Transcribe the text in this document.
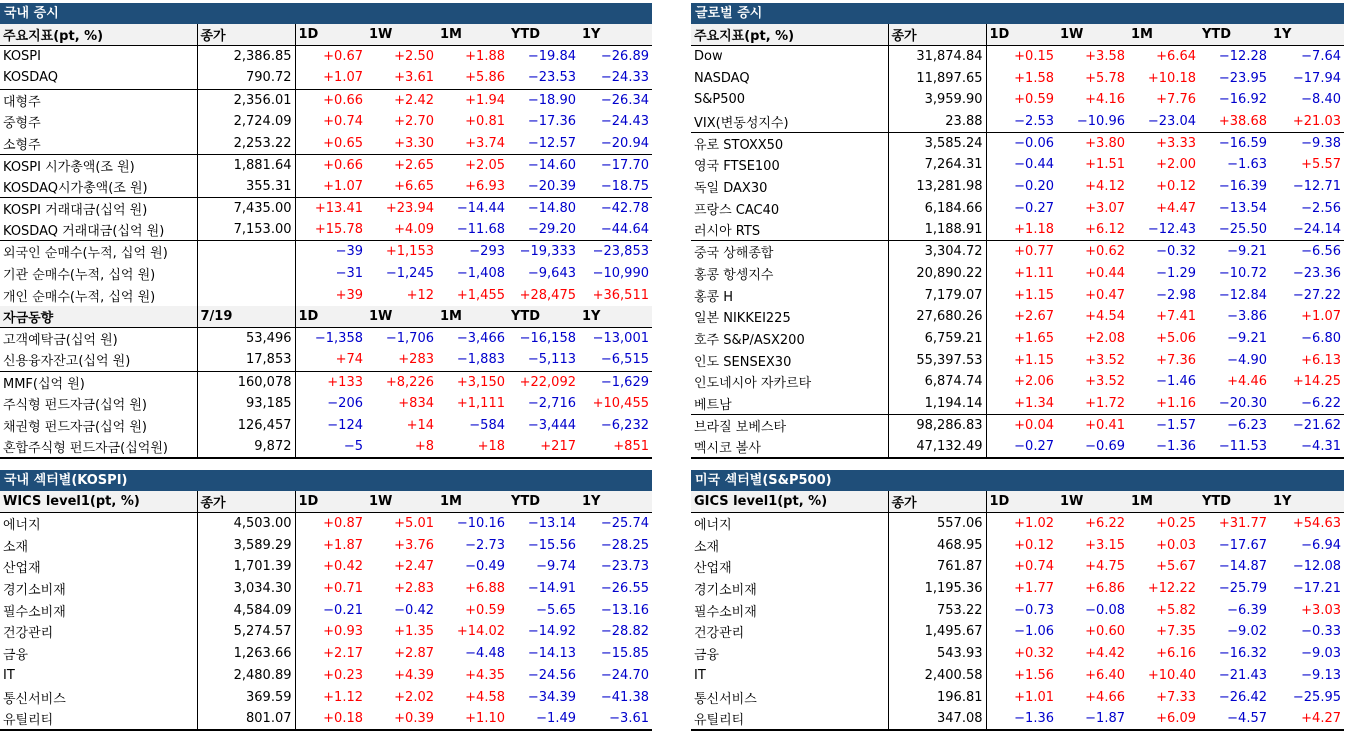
국내 증시
주요지표(pt, %)	종가	1D	1W	1M	YTD	1Y
KOSPI	2,386.85	+0.67	+2.50	+1.88	−19.84	−26.89
KOSDAQ	790.72	+1.07	+3.61	+5.86	−23.53	−24.33
대형주	2,356.01	+0.66	+2.42	+1.94	−18.90	−26.34
중형주	2,724.09	+0.74	+2.70	+0.81	−17.36	−24.43
소형주	2,253.22	+0.65	+3.30	+3.74	−12.57	−20.94
KOSPI 시가총액(조 원)	1,881.64	+0.66	+2.65	+2.05	−14.60	−17.70
KOSDAQ시가총액(조 원)	355.31	+1.07	+6.65	+6.93	−20.39	−18.75
KOSPI 거래대금(십억 원)	7,435.00	+13.41	+23.94	−14.44	−14.80	−42.78
KOSDAQ 거래대금(십억 원)	7,153.00	+15.78	+4.09	−11.68	−29.20	−44.64
외국인 순매수(누적, 십억 원)		−39	+1,153	−293	−19,333	−23,853
기관 순매수(누적, 십억 원)		−31	−1,245	−1,408	−9,643	−10,990
개인 순매수(누적, 십억 원)		+39	+12	+1,455	+28,475	+36,511
자금동향	7/19	1D	1W	1M	YTD	1Y
고객예탁금(십억 원)	53,496	−1,358	−1,706	−3,466	−16,158	−13,001
신용융자잔고(십억 원)	17,853	+74	+283	−1,883	−5,113	−6,515
MMF(십억 원)	160,078	+133	+8,226	+3,150	+22,092	−1,629
주식형 펀드자금(십억 원)	93,185	−206	+834	+1,111	−2,716	+10,455
채권형 펀드자금(십억 원)	126,457	−124	+14	−584	−3,444	−6,232
혼합주식형 펀드자금(십억원)	9,872	−5	+8	+18	+217	+851
글로벌 증시
주요지표(pt, %)	종가	1D	1W	1M	YTD	1Y
Dow	31,874.84	+0.15	+3.58	+6.64	−12.28	−7.64
NASDAQ	11,897.65	+1.58	+5.78	+10.18	−23.95	−17.94
S&P500	3,959.90	+0.59	+4.16	+7.76	−16.92	−8.40
VIX(변동성지수)	23.88	−2.53	−10.96	−23.04	+38.68	+21.03
유로 STOXX50	3,585.24	−0.06	+3.80	+3.33	−16.59	−9.38
영국 FTSE100	7,264.31	−0.44	+1.51	+2.00	−1.63	+5.57
독일 DAX30	13,281.98	−0.20	+4.12	+0.12	−16.39	−12.71
프랑스 CAC40	6,184.66	−0.27	+3.07	+4.47	−13.54	−2.56
러시아 RTS	1,188.91	+1.18	+6.12	−12.43	−25.50	−24.14
중국 상해종합	3,304.72	+0.77	+0.62	−0.32	−9.21	−6.56
홍콩 항셍지수	20,890.22	+1.11	+0.44	−1.29	−10.72	−23.36
홍콩 H	7,179.07	+1.15	+0.47	−2.98	−12.84	−27.22
일본 NIKKEI225	27,680.26	+2.67	+4.54	+7.41	−3.86	+1.07
호주 S&P/ASX200	6,759.21	+1.65	+2.08	+5.06	−9.21	−6.80
인도 SENSEX30	55,397.53	+1.15	+3.52	+7.36	−4.90	+6.13
인도네시아 자카르타	6,874.74	+2.06	+3.52	−1.46	+4.46	+14.25
베트남	1,194.14	+1.34	+1.72	+1.16	−20.30	−6.22
브라질 보베스타	98,286.83	+0.04	+0.41	−1.57	−6.23	−21.62
멕시코 볼사	47,132.49	−0.27	−0.69	−1.36	−11.53	−4.31
국내 섹터별(KOSPI)
WICS level1(pt, %)	종가	1D	1W	1M	YTD	1Y
에너지	4,503.00	+0.87	+5.01	−10.16	−13.14	−25.74
소재	3,589.29	+1.87	+3.76	−2.73	−15.56	−28.25
산업재	1,701.39	+0.42	+2.47	−0.49	−9.74	−23.73
경기소비재	3,034.30	+0.71	+2.83	+6.88	−14.91	−26.55
필수소비재	4,584.09	−0.21	−0.42	+0.59	−5.65	−13.16
건강관리	5,274.57	+0.93	+1.35	+14.02	−14.92	−28.82
금융	1,263.66	+2.17	+2.87	−4.48	−14.13	−15.85
IT	2,480.89	+0.23	+4.39	+4.35	−24.56	−24.70
통신서비스	369.59	+1.12	+2.02	+4.58	−34.39	−41.38
유틸리티	801.07	+0.18	+0.39	+1.10	−1.49	−3.61
미국 섹터별(S&P500)
GICS level1(pt, %)	종가	1D	1W	1M	YTD	1Y
에너지	557.06	+1.02	+6.22	+0.25	+31.77	+54.63
소재	468.95	+0.12	+3.15	+0.03	−17.67	−6.94
산업재	761.87	+0.74	+4.75	+5.67	−14.87	−12.08
경기소비재	1,195.36	+1.77	+6.86	+12.22	−25.79	−17.21
필수소비재	753.22	−0.73	−0.08	+5.82	−6.39	+3.03
건강관리	1,495.67	−1.06	+0.60	+7.35	−9.02	−0.33
금융	543.93	+0.32	+4.42	+6.16	−16.32	−9.03
IT	2,400.58	+1.56	+6.40	+10.40	−21.43	−9.13
통신서비스	196.81	+1.01	+4.66	+7.33	−26.42	−25.95
유틸리티	347.08	−1.36	−1.87	+6.09	−4.57	+4.27
